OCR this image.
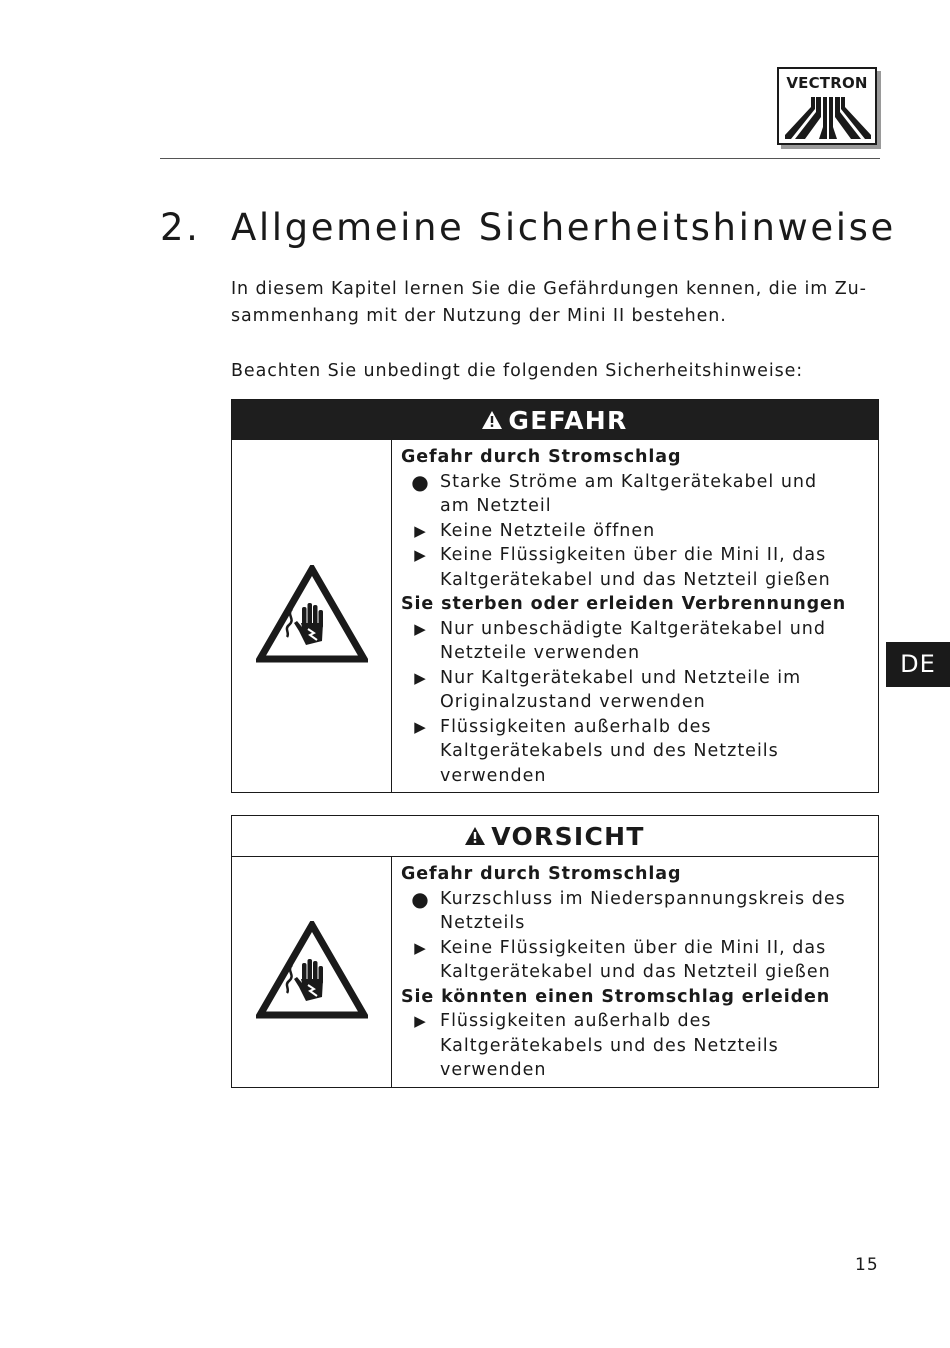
VECTRON
2. Allgemeine Sicherheitshinweise

In diesem Kapitel lernen Sie die Gefährdungen kennen, die im Zu-
sammenhang mit der Nutzung der Mini II bestehen.

Beachten Sie unbedingt die folgenden Sicherheitshinweise:

DE
GEFAHR
Gefahr durch Stromschlag
● Starke Ströme am Kaltgerätekabel und
am Netzteil
▶ Keine Netzteile öffnen
▶ Keine Flüssigkeiten über die Mini II, das
Kaltgerätekabel und das Netzteil gießen
Sie sterben oder erleiden Verbrennungen
▶ Nur unbeschädigte Kaltgerätekabel und
Netzteile verwenden
▶ Nur Kaltgerätekabel und Netzteile im
Originalzustand verwenden
▶ Flüssigkeiten außerhalb des
Kaltgerätekabels und des Netzteils
verwenden
VORSICHT
Gefahr durch Stromschlag
● Kurzschluss im Niederspannungskreis des
Netzteils
▶ Keine Flüssigkeiten über die Mini II, das
Kaltgerätekabel und das Netzteil gießen
Sie könnten einen Stromschlag erleiden
▶ Flüssigkeiten außerhalb des
Kaltgerätekabels und des Netzteils
verwenden
15
